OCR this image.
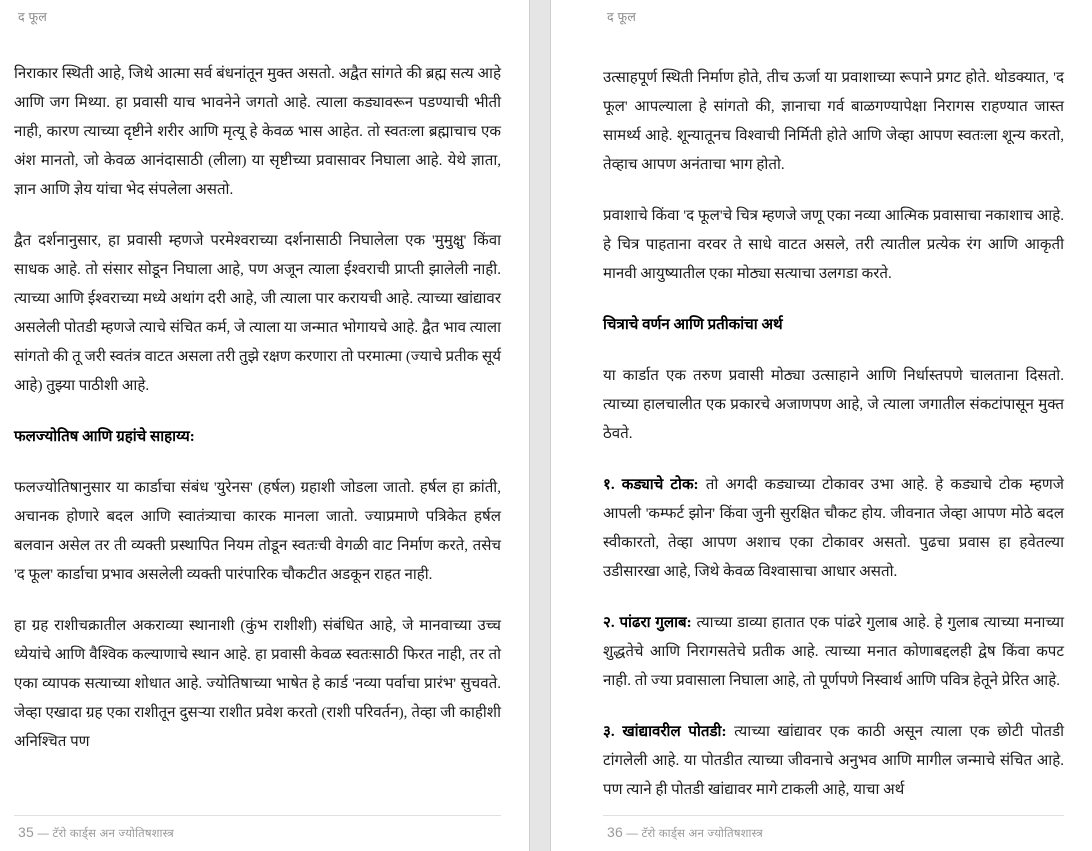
द फूल

निराकार स्थिती आहे, जिथे आत्मा सर्व बंधनांतून मुक्त असतो. अद्वैत सांगते की ब्रह्म सत्य आहे आणि जग मिथ्या. हा प्रवासी याच भावनेने जगतो आहे. त्याला कड्यावरून पडण्याची भीती नाही, कारण त्याच्या दृष्टीने शरीर आणि मृत्यू हे केवळ भास आहेत. तो स्वतःला ब्रह्माचाच एक अंश मानतो, जो केवळ आनंदासाठी (लीला) या सृष्टीच्या प्रवासावर निघाला आहे. येथे ज्ञाता, ज्ञान आणि ज्ञेय यांचा भेद संपलेला असतो.

द्वैत दर्शनानुसार, हा प्रवासी म्हणजे परमेश्वराच्या दर्शनासाठी निघालेला एक 'मुमुक्षु' किंवा साधक आहे. तो संसार सोडून निघाला आहे, पण अजून त्याला ईश्वराची प्राप्ती झालेली नाही. त्याच्या आणि ईश्वराच्या मध्ये अथांग दरी आहे, जी त्याला पार करायची आहे. त्याच्या खांद्यावर असलेली पोतडी म्हणजे त्याचे संचित कर्म, जे त्याला या जन्मात भोगायचे आहे. द्वैत भाव त्याला सांगतो की तू जरी स्वतंत्र वाटत असला तरी तुझे रक्षण करणारा तो परमात्मा (ज्याचे प्रतीक सूर्य आहे) तुझ्या पाठीशी आहे.

फलज्योतिष आणि ग्रहांचे साहाय्य:

फलज्योतिषानुसार या कार्डाचा संबंध 'युरेनस' (हर्षल) ग्रहाशी जोडला जातो. हर्षल हा क्रांती, अचानक होणारे बदल आणि स्वातंत्र्याचा कारक मानला जातो. ज्याप्रमाणे पत्रिकेत हर्षल बलवान असेल तर ती व्यक्ती प्रस्थापित नियम तोडून स्वतःची वेगळी वाट निर्माण करते, तसेच 'द फूल' कार्डाचा प्रभाव असलेली व्यक्ती पारंपारिक चौकटीत अडकून राहत नाही.

हा ग्रह राशीचक्रातील अकराव्या स्थानाशी (कुंभ राशीशी) संबंधित आहे, जे मानवाच्या उच्च ध्येयांचे आणि वैश्विक कल्याणाचे स्थान आहे. हा प्रवासी केवळ स्वतःसाठी फिरत नाही, तर तो एका व्यापक सत्याच्या शोधात आहे. ज्योतिषाच्या भाषेत हे कार्ड 'नव्या पर्वाचा प्रारंभ' सुचवते. जेव्हा एखादा ग्रह एका राशीतून दुसऱ्या राशीत प्रवेश करतो (राशी परिवर्तन), तेव्हा जी काहीशी अनिश्चित पण

35 — टॅरो कार्ड्स अन ज्योतिषशास्त्र
द फूल

उत्साहपूर्ण स्थिती निर्माण होते, तीच ऊर्जा या प्रवाशाच्या रूपाने प्रगट होते. थोडक्यात, 'द फूल' आपल्याला हे सांगतो की, ज्ञानाचा गर्व बाळगण्यापेक्षा निरागस राहण्यात जास्त सामर्थ्य आहे. शून्यातूनच विश्वाची निर्मिती होते आणि जेव्हा आपण स्वतःला शून्य करतो, तेव्हाच आपण अनंताचा भाग होतो.

प्रवाशाचे किंवा 'द फूल'चे चित्र म्हणजे जणू एका नव्या आत्मिक प्रवासाचा नकाशाच आहे. हे चित्र पाहताना वरवर ते साधे वाटत असले, तरी त्यातील प्रत्येक रंग आणि आकृती मानवी आयुष्यातील एका मोठ्या सत्याचा उलगडा करते.

चित्राचे वर्णन आणि प्रतीकांचा अर्थ

या कार्डात एक तरुण प्रवासी मोठ्या उत्साहाने आणि निर्धास्तपणे चालताना दिसतो. त्याच्या हालचालीत एक प्रकारचे अजाणपण आहे, जे त्याला जगातील संकटांपासून मुक्त ठेवते.

१. कड्याचे टोक: तो अगदी कड्याच्या टोकावर उभा आहे. हे कड्याचे टोक म्हणजे आपली 'कम्फर्ट झोन' किंवा जुनी सुरक्षित चौकट होय. जीवनात जेव्हा आपण मोठे बदल स्वीकारतो, तेव्हा आपण अशाच एका टोकावर असतो. पुढचा प्रवास हा हवेतल्या उडीसारखा आहे, जिथे केवळ विश्वासाचा आधार असतो.

२. पांढरा गुलाब: त्याच्या डाव्या हातात एक पांढरे गुलाब आहे. हे गुलाब त्याच्या मनाच्या शुद्धतेचे आणि निरागसतेचे प्रतीक आहे. त्याच्या मनात कोणाबद्दलही द्वेष किंवा कपट नाही. तो ज्या प्रवासाला निघाला आहे, तो पूर्णपणे निस्वार्थ आणि पवित्र हेतूने प्रेरित आहे.

३. खांद्यावरील पोतडी: त्याच्या खांद्यावर एक काठी असून त्याला एक छोटी पोतडी टांगलेली आहे. या पोतडीत त्याच्या जीवनाचे अनुभव आणि मागील जन्माचे संचित आहे. पण त्याने ही पोतडी खांद्यावर मागे टाकली आहे, याचा अर्थ

36 — टॅरो कार्ड्स अन ज्योतिषशास्त्र
